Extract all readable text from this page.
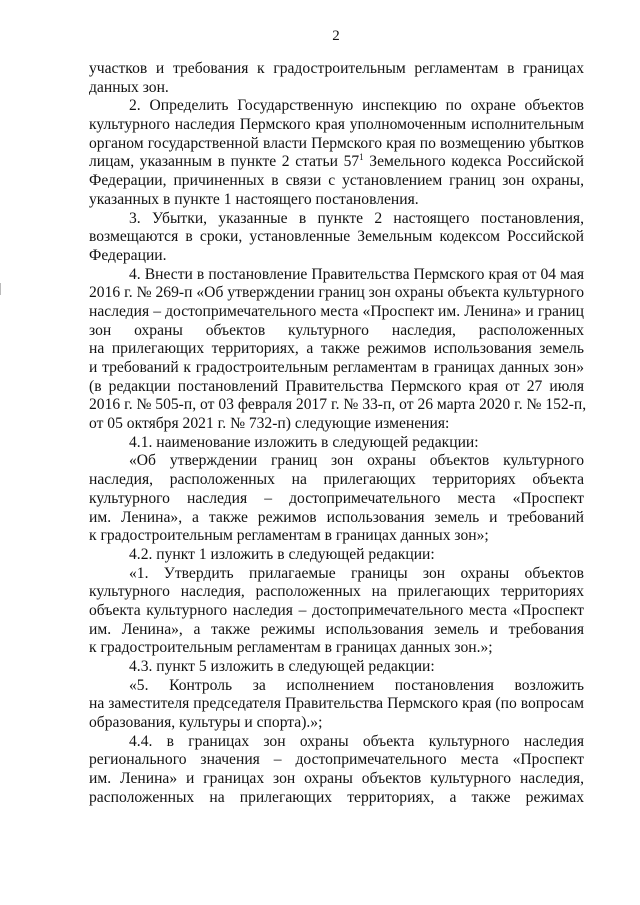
2
участков и требования к градостроительным регламентам в границах
данных зон.
2. Определить Государственную инспекцию по охране объектов
культурного наследия Пермского края уполномоченным исполнительным
органом государственной власти Пермского края по возмещению убытков
лицам, указанным в пункте 2 статьи $57^1$ Земельного кодекса Российской
Федерации, причиненных в связи с установлением границ зон охраны,
указанных в пункте 1 настоящего постановления.
3. Убытки, указанные в пункте 2 настоящего постановления,
возмещаются в сроки, установленные Земельным кодексом Российской
Федерации.
4. Внести в постановление Правительства Пермского края от 04 мая
2016 г. № 269-п «Об утверждении границ зон охраны объекта культурного
наследия – достопримечательного места «Проспект им. Ленина» и границ
зон охраны объектов культурного наследия, расположенных
на прилегающих территориях, а также режимов использования земель
и требований к градостроительным регламентам в границах данных зон»
(в редакции постановлений Правительства Пермского края от 27 июля
2016 г. № 505-п, от 03 февраля 2017 г. № 33-п, от 26 марта 2020 г. № 152-п,
от 05 октября 2021 г. № 732-п) следующие изменения:
4.1. наименование изложить в следующей редакции:
«Об утверждении границ зон охраны объектов культурного
наследия, расположенных на прилегающих территориях объекта
культурного наследия – достопримечательного места «Проспект
им. Ленина», а также режимов использования земель и требований
к градостроительным регламентам в границах данных зон»;
4.2. пункт 1 изложить в следующей редакции:
«1. Утвердить прилагаемые границы зон охраны объектов
культурного наследия, расположенных на прилегающих территориях
объекта культурного наследия – достопримечательного места «Проспект
им. Ленина», а также режимы использования земель и требования
к градостроительным регламентам в границах данных зон.»;
4.3. пункт 5 изложить в следующей редакции:
«5. Контроль за исполнением постановления возложить
на заместителя председателя Правительства Пермского края (по вопросам
образования, культуры и спорта).»;
4.4. в границах зон охраны объекта культурного наследия
регионального значения – достопримечательного места «Проспект
им. Ленина» и границах зон охраны объектов культурного наследия,
расположенных на прилегающих территориях, а также режимах
